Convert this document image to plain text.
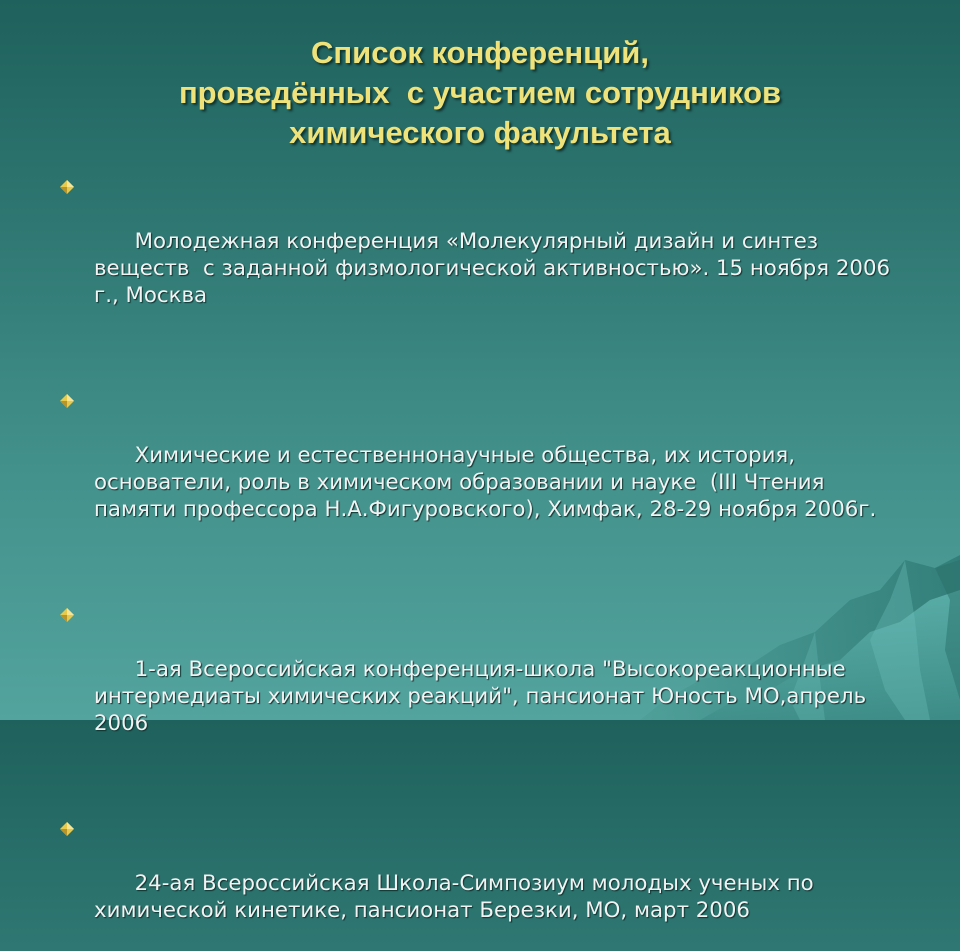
Список конференций,
проведённых  с участием сотрудников
химического факультета

Молодежная конференция «Молекулярный дизайн и синтез веществ  с заданной физмологической активностью». 15 ноября 2006 г., Москва

Химические и естественнонаучные общества, их история, основатели, роль в химическом образовании и науке  (III Чтения памяти профессора Н.А.Фигуровского), Химфак, 28-29 ноября 2006г.

1-ая Всероссийская конференция-школа "Высокореакционные интермедиаты химических реакций", пансионат Юность МО,апрель 2006

24-ая Всероссийская Школа-Симпозиум молодых ученых по химической кинетике, пансионат Березки, МО, март 2006
